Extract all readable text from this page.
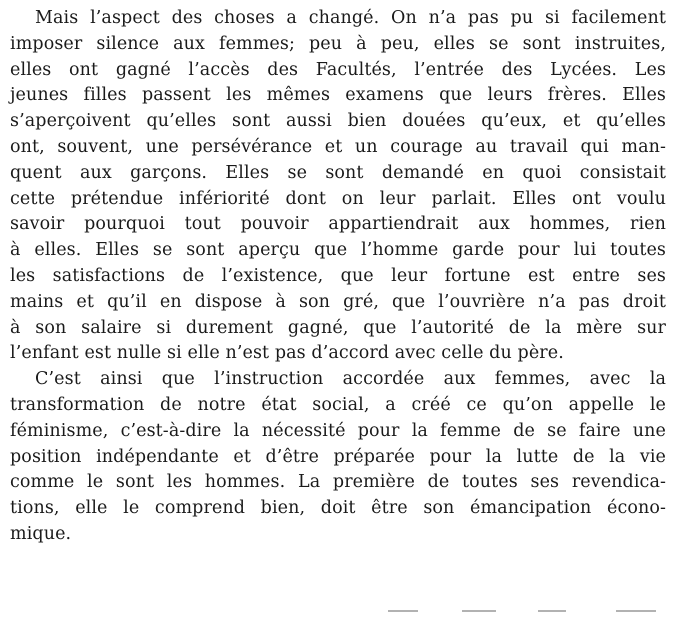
Mais l’aspect des choses a changé. On n’a pas pu si facilement
imposer silence aux femmes; peu à peu, elles se sont instruites,
elles ont gagné l’accès des Facultés, l’entrée des Lycées. Les
jeunes filles passent les mêmes examens que leurs frères. Elles
s’aperçoivent qu’elles sont aussi bien douées qu’eux, et qu’elles
ont, souvent, une persévérance et un courage au travail qui man-
quent aux garçons. Elles se sont demandé en quoi consistait
cette prétendue infériorité dont on leur parlait. Elles ont voulu
savoir pourquoi tout pouvoir appartiendrait aux hommes, rien
à elles. Elles se sont aperçu que l’homme garde pour lui toutes
les satisfactions de l’existence, que leur fortune est entre ses
mains et qu’il en dispose à son gré, que l’ouvrière n’a pas droit
à son salaire si durement gagné, que l’autorité de la mère sur
l’enfant est nulle si elle n’est pas d’accord avec celle du père.
C’est ainsi que l’instruction accordée aux femmes, avec la
transformation de notre état social, a créé ce qu’on appelle le
féminisme, c’est-à-dire la nécessité pour la femme de se faire une
position indépendante et d’être préparée pour la lutte de la vie
comme le sont les hommes. La première de toutes ses revendica-
tions, elle le comprend bien, doit être son émancipation écono-
mique.
